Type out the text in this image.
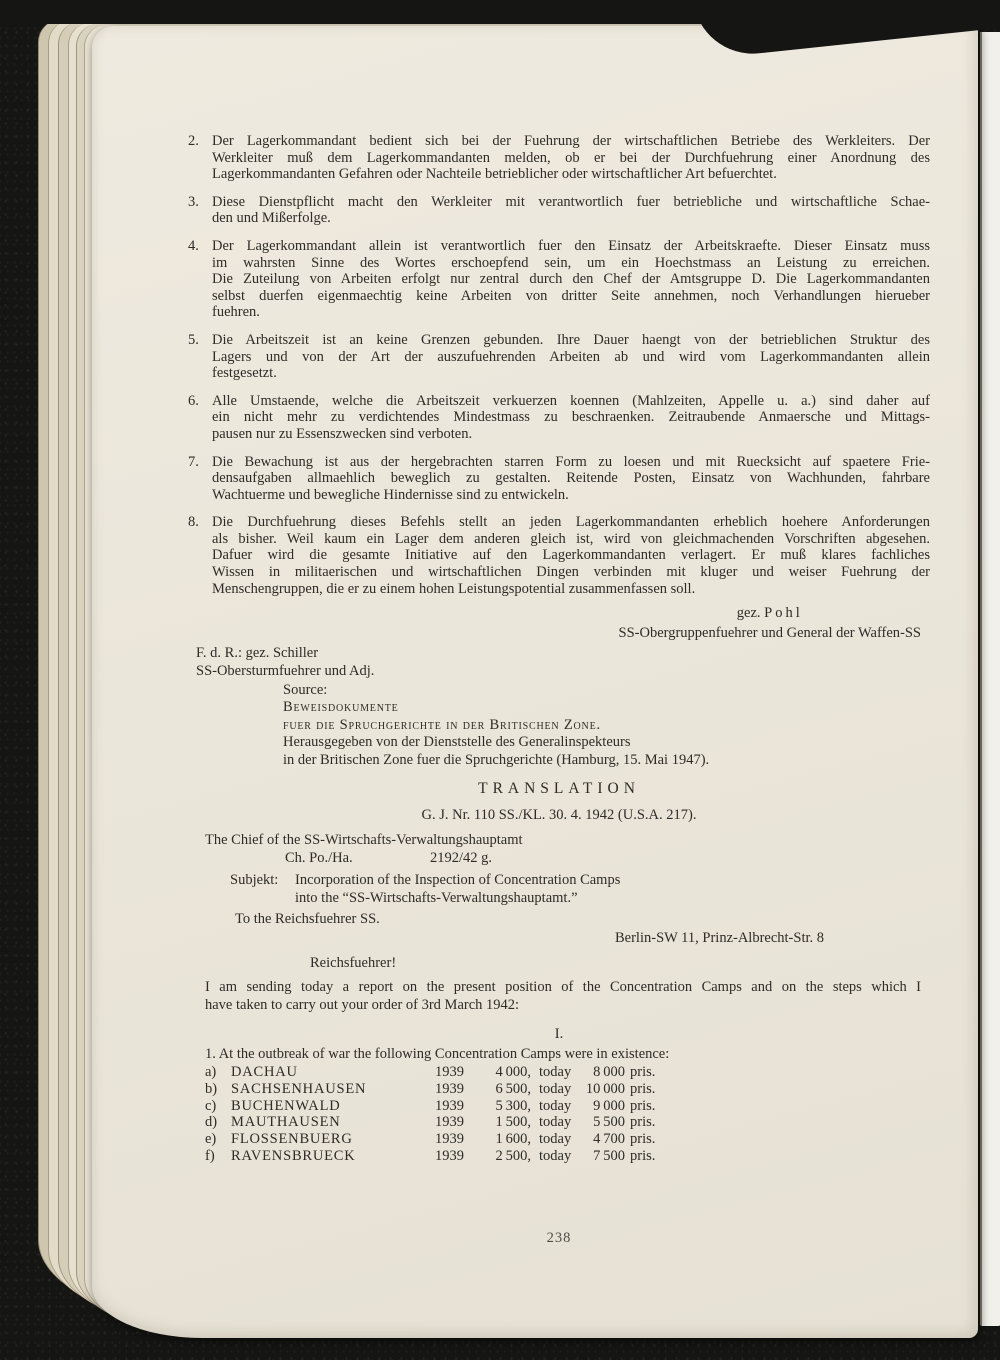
2. Der Lagerkommandant bedient sich bei der Fuehrung der wirtschaftlichen Betriebe des Werkleiters. Der
Werkleiter muß dem Lagerkommandanten melden, ob er bei der Durchfuehrung einer Anordnung des
Lagerkommandanten Gefahren oder Nachteile betrieblicher oder wirtschaftlicher Art befuerchtet.
3. Diese Dienstpflicht macht den Werkleiter mit verantwortlich fuer betriebliche und wirtschaftliche Schae-
den und Mißerfolge.
4. Der Lagerkommandant allein ist verantwortlich fuer den Einsatz der Arbeitskraefte. Dieser Einsatz muss
im wahrsten Sinne des Wortes erschoepfend sein, um ein Hoechstmass an Leistung zu erreichen.
Die Zuteilung von Arbeiten erfolgt nur zentral durch den Chef der Amtsgruppe D. Die Lagerkommandanten
selbst duerfen eigenmaechtig keine Arbeiten von dritter Seite annehmen, noch Verhandlungen hierueber
fuehren.
5. Die Arbeitszeit ist an keine Grenzen gebunden. Ihre Dauer haengt von der betrieblichen Struktur des
Lagers und von der Art der auszufuehrenden Arbeiten ab und wird vom Lagerkommandanten allein
festgesetzt.
6. Alle Umstaende, welche die Arbeitszeit verkuerzen koennen (Mahlzeiten, Appelle u. a.) sind daher auf
ein nicht mehr zu verdichtendes Mindestmass zu beschraenken. Zeitraubende Anmaersche und Mittags-
pausen nur zu Essenszwecken sind verboten.
7. Die Bewachung ist aus der hergebrachten starren Form zu loesen und mit Ruecksicht auf spaetere Frie-
densaufgaben allmaehlich beweglich zu gestalten. Reitende Posten, Einsatz von Wachhunden, fahrbare
Wachtuerme und bewegliche Hindernisse sind zu entwickeln.
8. Die Durchfuehrung dieses Befehls stellt an jeden Lagerkommandanten erheblich hoehere Anforderungen
als bisher. Weil kaum ein Lager dem anderen gleich ist, wird von gleichmachenden Vorschriften abgesehen.
Dafuer wird die gesamte Initiative auf den Lagerkommandanten verlagert. Er muß klares fachliches
Wissen in militaerischen und wirtschaftlichen Dingen verbinden mit kluger und weiser Fuehrung der
Menschengruppen, die er zu einem hohen Leistungspotential zusammenfassen soll.
gez. Pohl
SS-Obergruppenfuehrer und General der Waffen-SS
F. d. R.: gez. Schiller
SS-Obersturmfuehrer und Adj.
Source:
Beweisdokumente
fuer die Spruchgerichte in der Britischen Zone.
Herausgegeben von der Dienststelle des Generalinspekteurs
in der Britischen Zone fuer die Spruchgerichte (Hamburg, 15. Mai 1947).
TRANSLATION
G. J. Nr. 110 SS./KL. 30. 4. 1942 (U.S.A. 217).
The Chief of the SS-Wirtschafts-Verwaltungshauptamt
Ch. Po./Ha.	2192/42 g.
Subjekt:	Incorporation of the Inspection of Concentration Camps
into the “SS-Wirtschafts-Verwaltungshauptamt.”
To the Reichsfuehrer SS.
Berlin-SW 11, Prinz-Albrecht-Str. 8
Reichsfuehrer!
I am sending today a report on the present position of the Concentration Camps and on the steps which I
have taken to carry out your order of 3rd March 1942:
I.
1. At the outbreak of war the following Concentration Camps were in existence:
a)	DACHAU	1939	4 000, today	8 000 pris.
b) SACHSENHAUSEN	1939	6 500, today	10 000 pris.
c)	BUCHENWALD	1939	5 300, today	9 000 pris.
d) MAUTHAUSEN	1939	1 500, today	5 500 pris.
e)	FLOSSENBUERG	1939	1 600, today	4 700 pris.
f)	RAVENSBRUECK	1939	2 500, today	7 500 pris.
238
